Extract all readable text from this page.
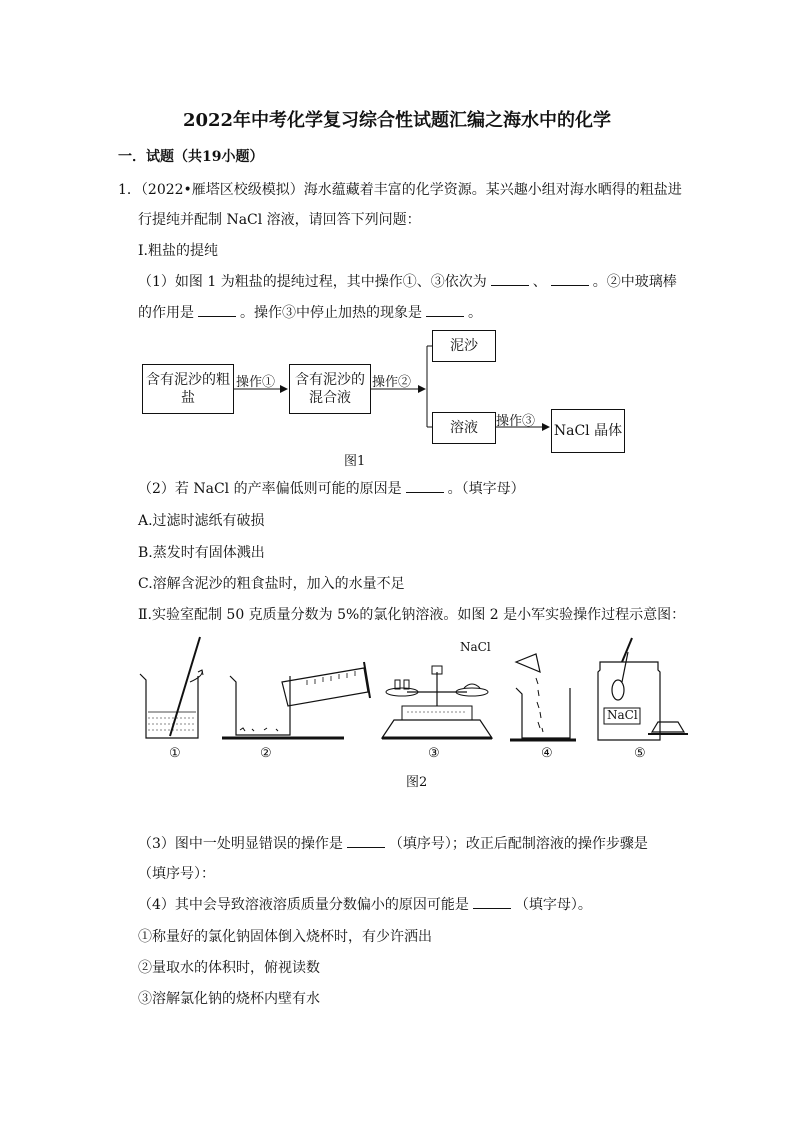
2022年中考化学复习综合性试题汇编之海水中的化学
一．试题（共19小题）
1．（2022•雁塔区校级模拟）海水蕴藏着丰富的化学资源。某兴趣小组对海水晒得的粗盐进
行提纯并配制 NaCl 溶液，请回答下列问题：
Ⅰ.粗盐的提纯
（1）如图 1 为粗盐的提纯过程，其中操作①、③依次为	、	。②中玻璃棒
的作用是	。操作③中停止加热的现象是	。
含有泥沙的粗盐
操作①	含有泥沙的混合液
操作②
泥沙
溶液	操作③
NaCl 晶体
图1
（2）若 NaCl 的产率偏低则可能的原因是	。（填字母）
A.过滤时滤纸有破损
B.蒸发时有固体溅出
C.溶解含泥沙的粗食盐时，加入的水量不足
Ⅱ.实验室配制 50 克质量分数为 5%的氯化钠溶液。如图 2 是小军实验操作过程示意图：
NaCl
NaCl
①	②	③	④	⑤
图2
（3）图中一处明显错误的操作是	（填序号）；改正后配制溶液的操作步骤是
（填序号）：
（4）其中会导致溶液溶质质量分数偏小的原因可能是	（填字母）。
①称量好的氯化钠固体倒入烧杯时，有少许洒出
②量取水的体积时，俯视读数
③溶解氯化钠的烧杯内壁有水
